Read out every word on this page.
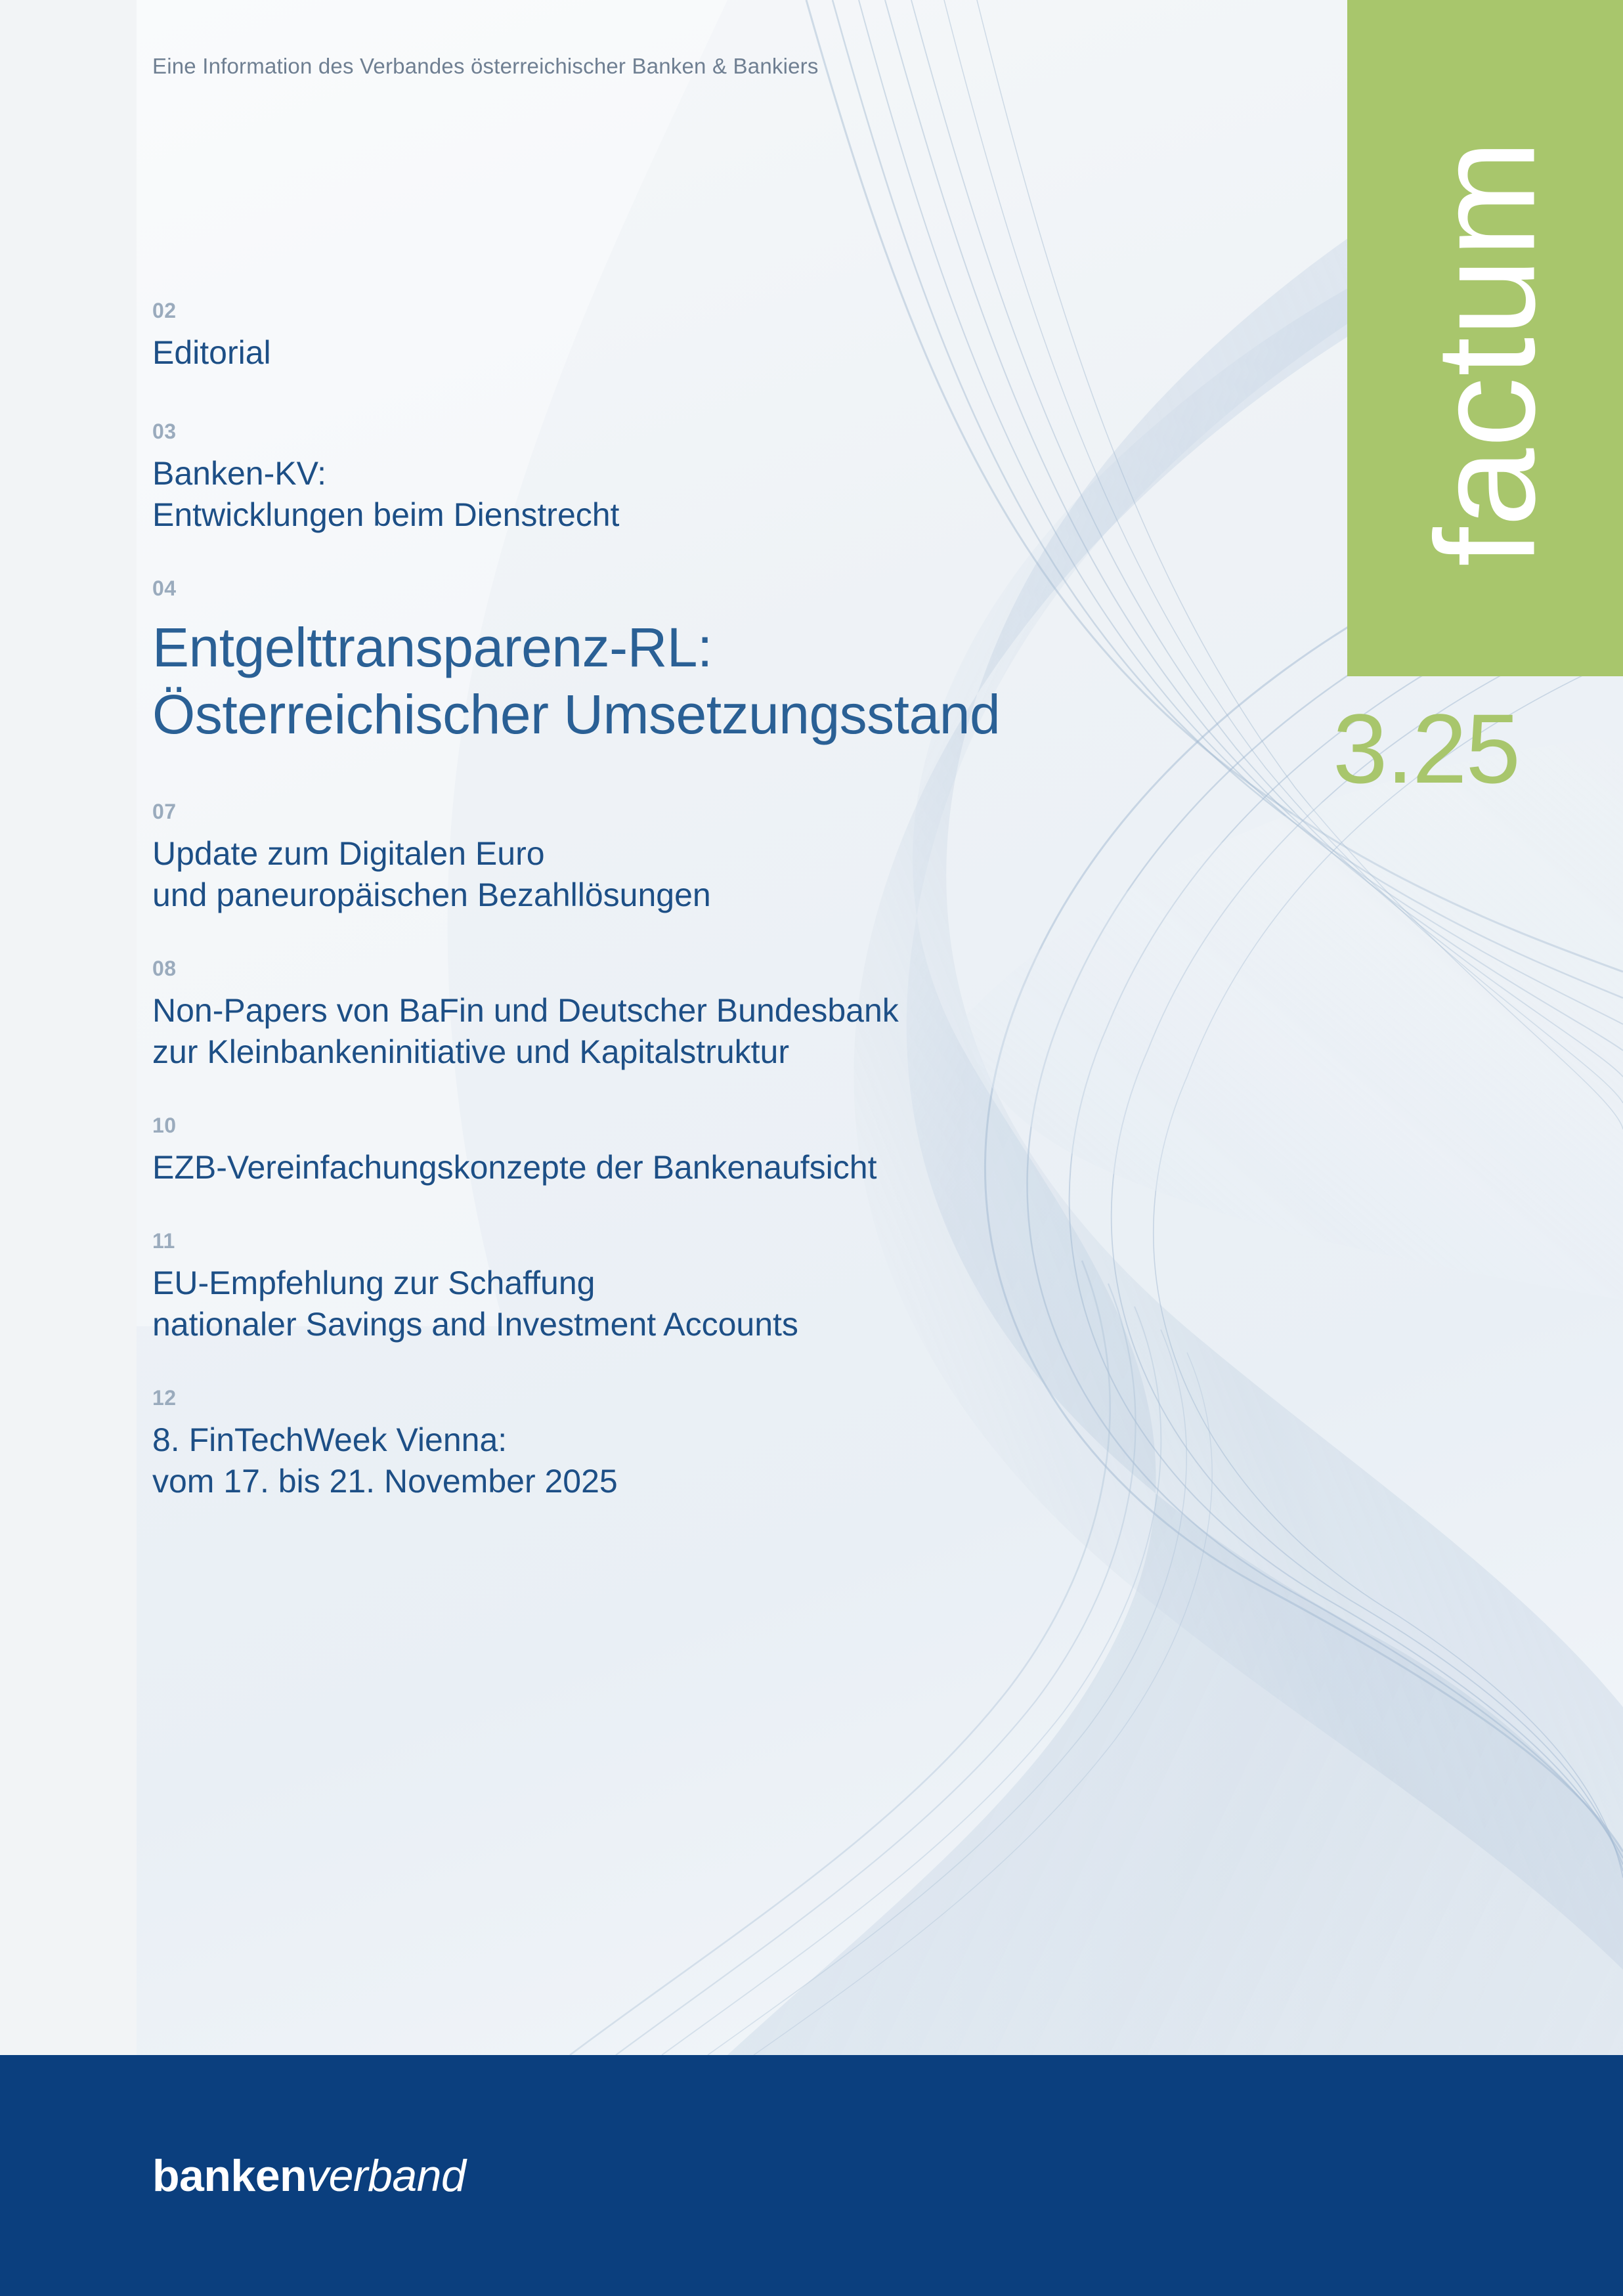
factum
3.25
Eine Information des Verbandes österreichischer Banken & Bankiers
02
Editorial
03
Banken-KV:
Entwicklungen beim Dienstrecht
04
Entgelttransparenz-RL:
Österreichischer Umsetzungsstand
07
Update zum Digitalen Euro
und paneuropäischen Bezahllösungen
08
Non-Papers von BaFin und Deutscher Bundesbank
zur Kleinbankeninitiative und Kapitalstruktur
10
EZB-Vereinfachungskonzepte der Bankenaufsicht
11
EU-Empfehlung zur Schaffung
nationaler Savings and Investment Accounts
12
8. FinTechWeek Vienna:
vom 17. bis 21. November 2025
bankenverband
